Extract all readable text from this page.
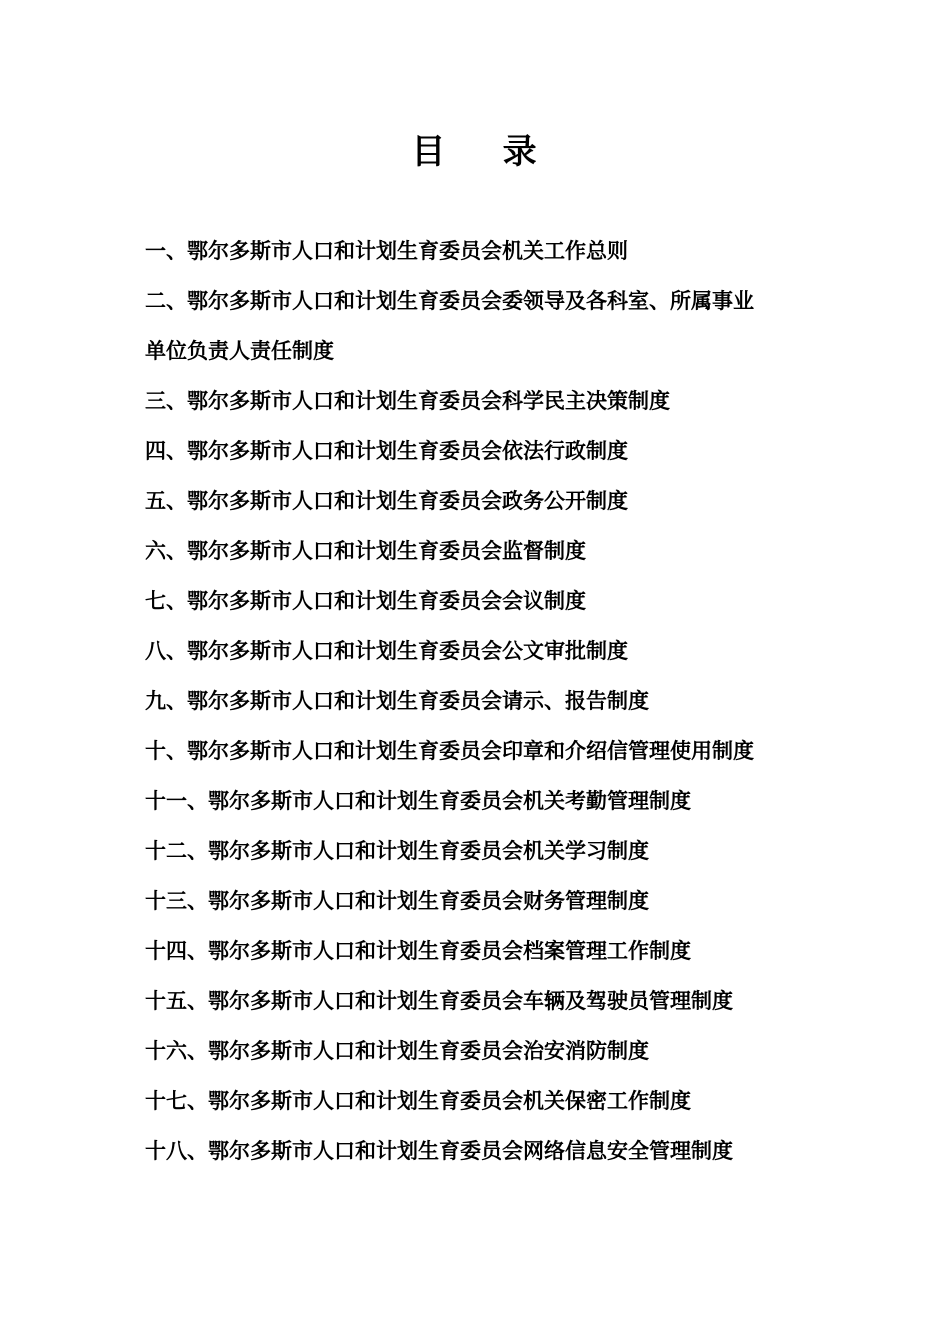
目    录
一、鄂尔多斯市人口和计划生育委员会机关工作总则
二、鄂尔多斯市人口和计划生育委员会委领导及各科室、所属事业
单位负责人责任制度
三、鄂尔多斯市人口和计划生育委员会科学民主决策制度
四、鄂尔多斯市人口和计划生育委员会依法行政制度
五、鄂尔多斯市人口和计划生育委员会政务公开制度
六、鄂尔多斯市人口和计划生育委员会监督制度
七、鄂尔多斯市人口和计划生育委员会会议制度
八、鄂尔多斯市人口和计划生育委员会公文审批制度
九、鄂尔多斯市人口和计划生育委员会请示、报告制度
十、鄂尔多斯市人口和计划生育委员会印章和介绍信管理使用制度
十一、鄂尔多斯市人口和计划生育委员会机关考勤管理制度
十二、鄂尔多斯市人口和计划生育委员会机关学习制度
十三、鄂尔多斯市人口和计划生育委员会财务管理制度
十四、鄂尔多斯市人口和计划生育委员会档案管理工作制度
十五、鄂尔多斯市人口和计划生育委员会车辆及驾驶员管理制度
十六、鄂尔多斯市人口和计划生育委员会治安消防制度
十七、鄂尔多斯市人口和计划生育委员会机关保密工作制度
十八、鄂尔多斯市人口和计划生育委员会网络信息安全管理制度
